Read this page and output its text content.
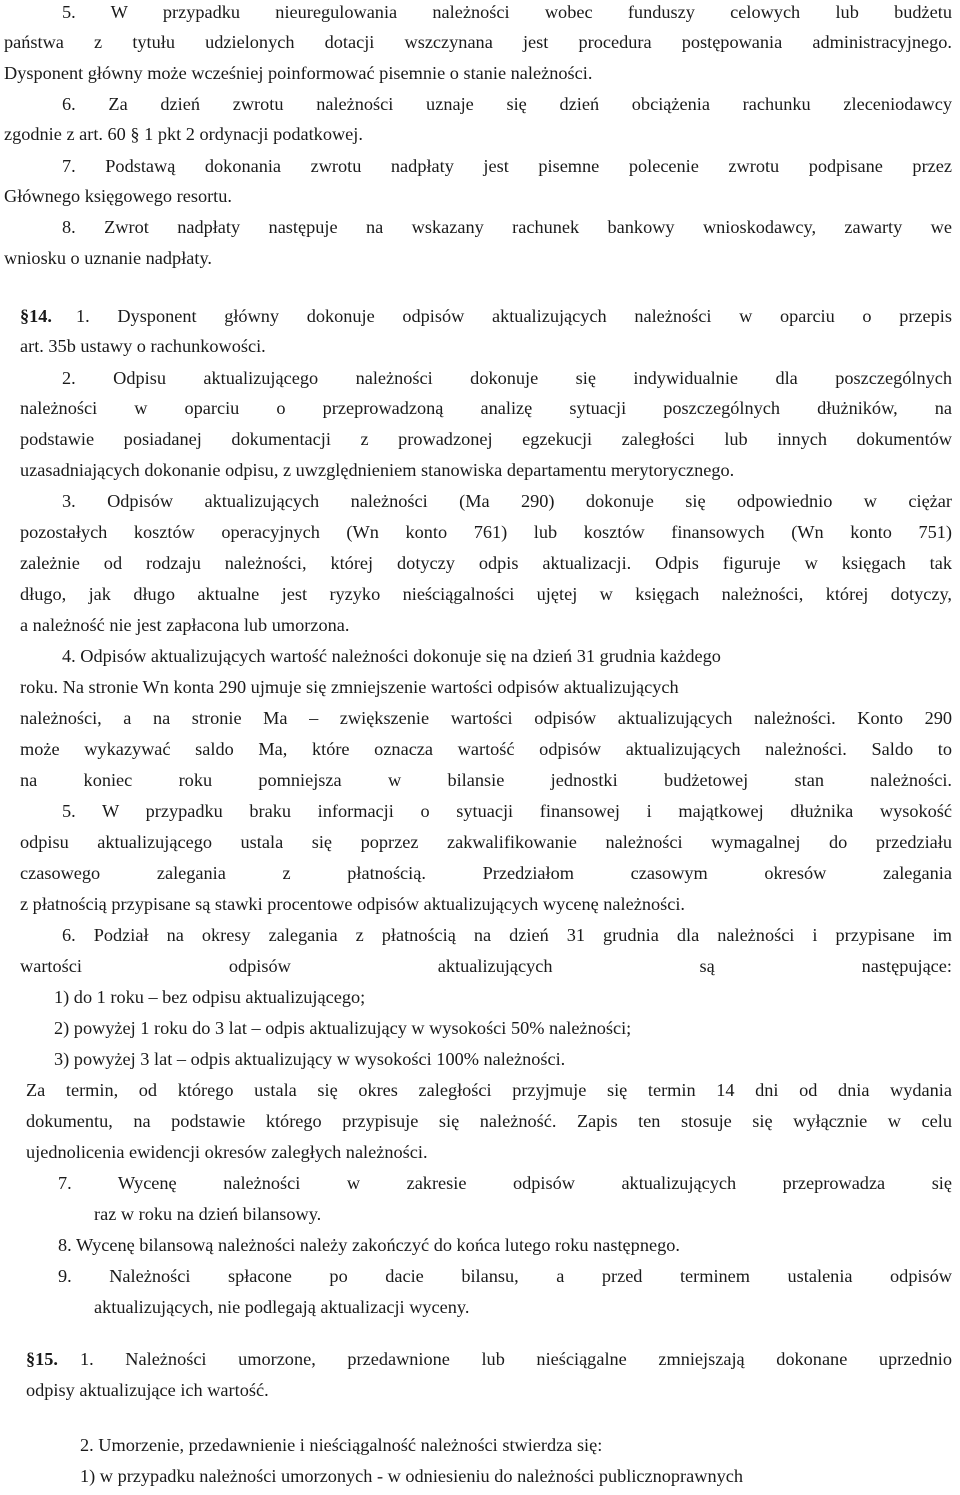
5. W przypadku nieuregulowania należności wobec funduszy celowych lub budżetu
państwa z tytułu udzielonych dotacji wszczynana jest procedura postępowania administracyjnego.
Dysponent główny może wcześniej poinformować pisemnie o stanie należności.
6. Za dzień zwrotu należności uznaje się dzień obciążenia rachunku zleceniodawcy
zgodnie z art. 60 § 1 pkt 2 ordynacji podatkowej.
7. Podstawą dokonania zwrotu nadpłaty jest pisemne polecenie zwrotu podpisane przez
Głównego księgowego resortu.
8. Zwrot nadpłaty następuje na wskazany rachunek bankowy wnioskodawcy, zawarty we
wniosku o uznanie nadpłaty.
§14.	1. Dysponent główny dokonuje odpisów aktualizujących należności w oparciu o przepis
art. 35b ustawy o rachunkowości.
2. Odpisu aktualizującego należności dokonuje się indywidualnie dla poszczególnych
należności w oparciu o przeprowadzoną analizę sytuacji poszczególnych dłużników, na
podstawie posiadanej dokumentacji z prowadzonej egzekucji zaległości lub innych dokumentów
uzasadniających dokonanie odpisu, z uwzględnieniem stanowiska departamentu merytorycznego.
3. Odpisów aktualizujących należności (Ma 290) dokonuje się odpowiednio w ciężar
pozostałych kosztów operacyjnych (Wn konto 761) lub kosztów finansowych (Wn konto 751)
zależnie od rodzaju należności, której dotyczy odpis aktualizacji. Odpis figuruje w księgach tak
długo, jak długo aktualne jest ryzyko nieściągalności ujętej w księgach należności, której dotyczy,
a należność nie jest zapłacona lub umorzona.
4. Odpisów aktualizujących wartość należności dokonuje się na dzień 31 grudnia każdego
roku. Na stronie Wn konta 290 ujmuje się zmniejszenie wartości odpisów aktualizujących
należności, a na stronie Ma – zwiększenie wartości odpisów aktualizujących należności. Konto 290
może wykazywać saldo Ma, które oznacza wartość odpisów aktualizujących należności. Saldo to
na koniec roku pomniejsza w bilansie jednostki budżetowej stan należności.
5. W przypadku braku informacji o sytuacji finansowej i majątkowej dłużnika wysokość
odpisu aktualizującego ustala się poprzez zakwalifikowanie należności wymagalnej do przedziału
czasowego zalegania z płatnością. Przedziałom czasowym okresów zalegania
z płatnością przypisane są stawki procentowe odpisów aktualizujących wycenę należności.
6. Podział na okresy zalegania z płatnością na dzień 31 grudnia dla należności i przypisane im
wartości odpisów aktualizujących są następujące:
1) do 1 roku – bez odpisu aktualizującego;
2) powyżej 1 roku do 3 lat – odpis aktualizujący w wysokości 50% należności;
3) powyżej 3 lat – odpis aktualizujący w wysokości 100% należności.
Za termin, od którego ustala się okres zaległości przyjmuje się termin 14 dni od dnia wydania
dokumentu, na podstawie którego przypisuje się należność. Zapis ten stosuje się wyłącznie w celu
ujednolicenia ewidencji okresów zaległych należności.
7. Wycenę należności w zakresie odpisów aktualizujących przeprowadza się
raz w roku na dzień bilansowy.
8. Wycenę bilansową należności należy zakończyć do końca lutego roku następnego.
9. Należności spłacone po dacie bilansu, a przed terminem ustalenia odpisów
aktualizujących, nie podlegają aktualizacji wyceny.
§15.	1. Należności umorzone, przedawnione lub nieściągalne zmniejszają dokonane uprzednio
odpisy aktualizujące ich wartość.
2. Umorzenie, przedawnienie i nieściągalność należności stwierdza się:
1) w przypadku należności umorzonych - w odniesieniu do należności publicznoprawnych
